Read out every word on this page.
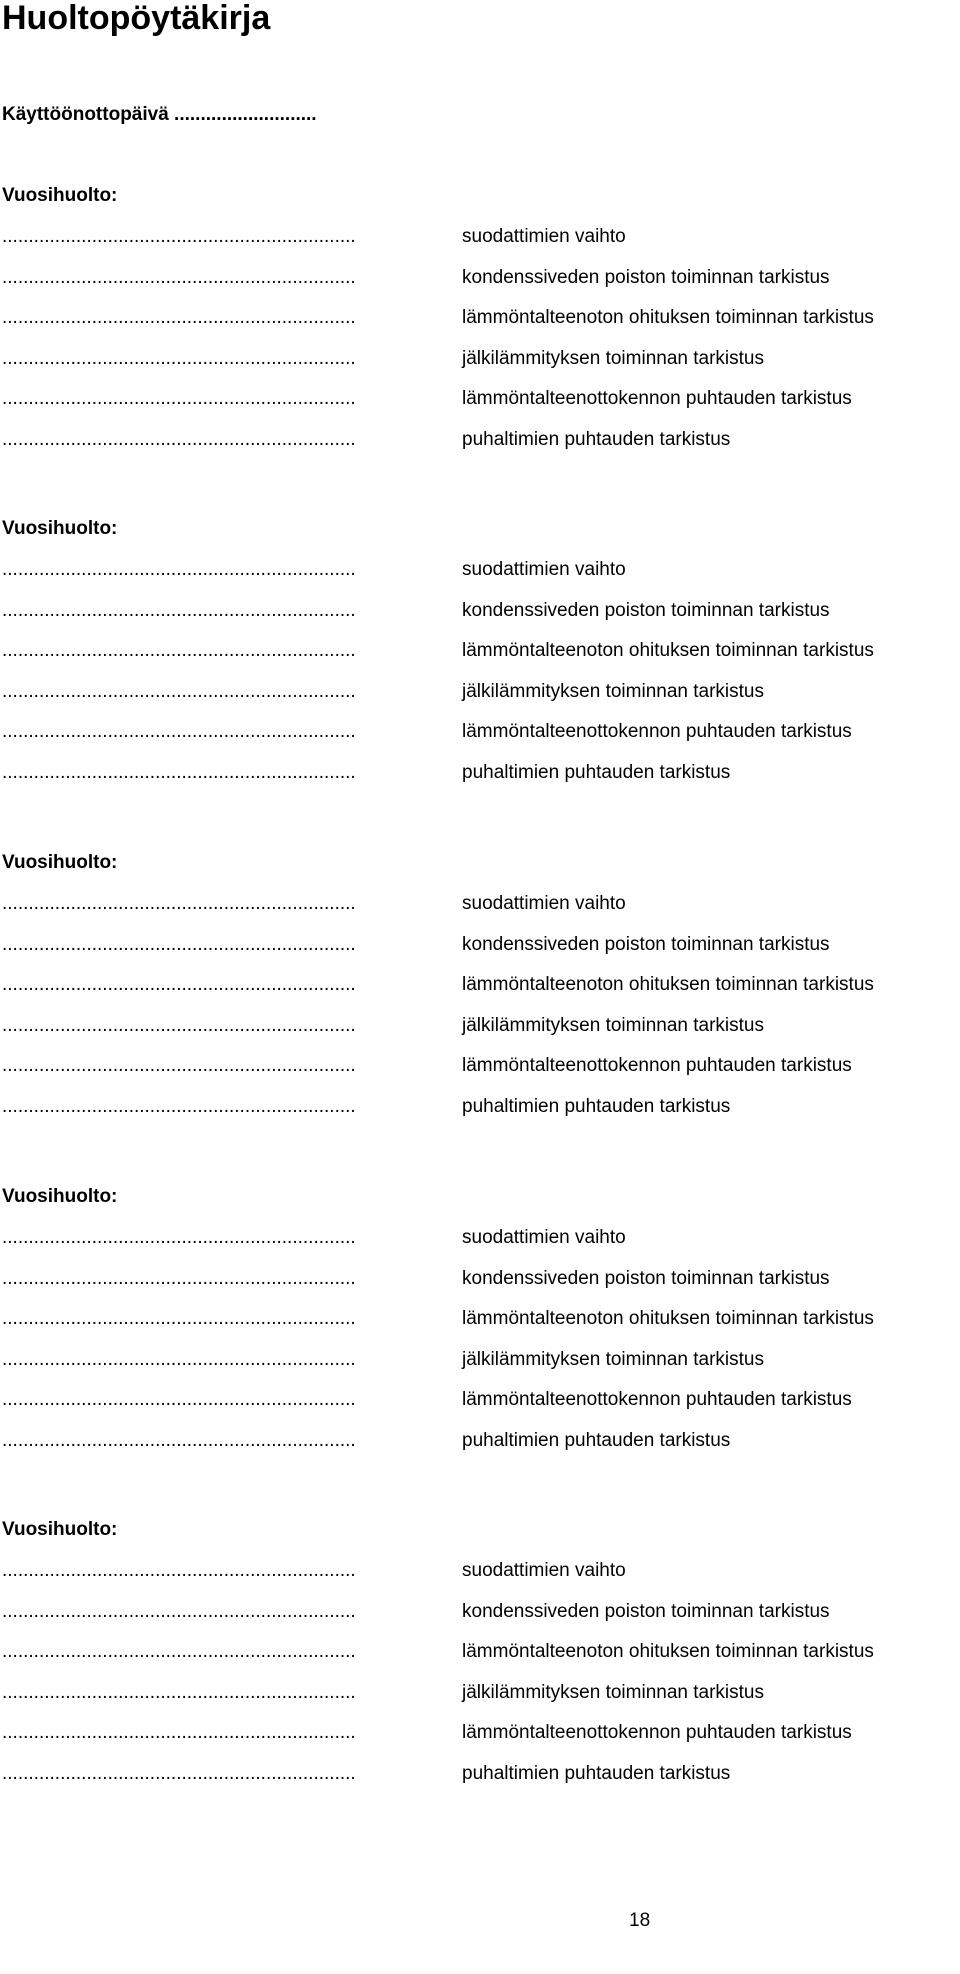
Huoltopöytäkirja
Käyttöönottopäivä ...........................
Vuosihuolto:
...................................................................	suodattimien vaihto
...................................................................	kondenssiveden poiston toiminnan tarkistus
...................................................................	lämmöntalteenoton ohituksen toiminnan tarkistus
...................................................................	jälkilämmityksen toiminnan tarkistus
...................................................................	lämmöntalteenottokennon puhtauden tarkistus
...................................................................	puhaltimien puhtauden tarkistus
Vuosihuolto:
...................................................................	suodattimien vaihto
...................................................................	kondenssiveden poiston toiminnan tarkistus
...................................................................	lämmöntalteenoton ohituksen toiminnan tarkistus
...................................................................	jälkilämmityksen toiminnan tarkistus
...................................................................	lämmöntalteenottokennon puhtauden tarkistus
...................................................................	puhaltimien puhtauden tarkistus
Vuosihuolto:
...................................................................	suodattimien vaihto
...................................................................	kondenssiveden poiston toiminnan tarkistus
...................................................................	lämmöntalteenoton ohituksen toiminnan tarkistus
...................................................................	jälkilämmityksen toiminnan tarkistus
...................................................................	lämmöntalteenottokennon puhtauden tarkistus
...................................................................	puhaltimien puhtauden tarkistus
Vuosihuolto:
...................................................................	suodattimien vaihto
...................................................................	kondenssiveden poiston toiminnan tarkistus
...................................................................	lämmöntalteenoton ohituksen toiminnan tarkistus
...................................................................	jälkilämmityksen toiminnan tarkistus
...................................................................	lämmöntalteenottokennon puhtauden tarkistus
...................................................................	puhaltimien puhtauden tarkistus
Vuosihuolto:
...................................................................	suodattimien vaihto
...................................................................	kondenssiveden poiston toiminnan tarkistus
...................................................................	lämmöntalteenoton ohituksen toiminnan tarkistus
...................................................................	jälkilämmityksen toiminnan tarkistus
...................................................................	lämmöntalteenottokennon puhtauden tarkistus
...................................................................	puhaltimien puhtauden tarkistus
18
